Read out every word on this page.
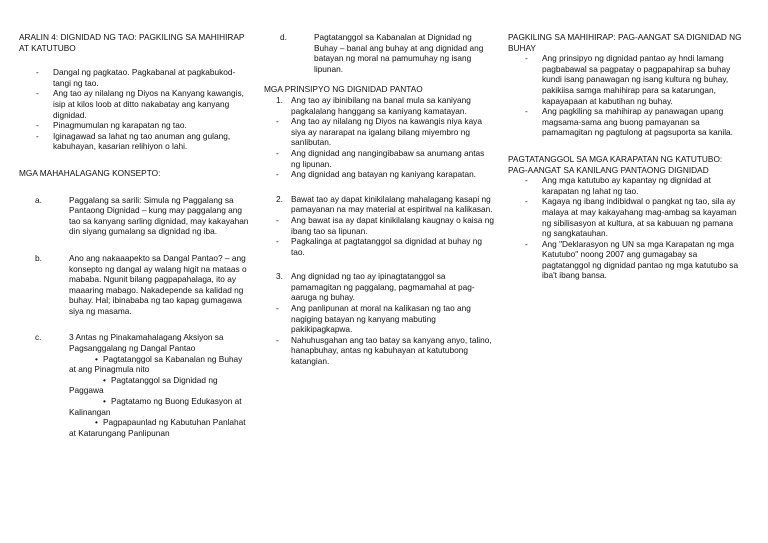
ARALIN 4: DIGNIDAD NG TAO: PAGKILING SA MAHIHIRAP AT KATUTUBO
- Dangal ng pagkatao. Pagkabanal at pagkabukod-tangi ng tao.
- Ang tao ay nilalang ng Diyos na Kanyang kawangis, isip at kilos loob at ditto nakabatay ang kanyang dignidad.
- Pinagmumulan ng karapatan ng tao.
- Iginagawad sa lahat ng tao anuman ang gulang, kabuhayan, kasarian relihiyon o lahi.
MGA MAHAHALAGANG KONSEPTO:
a.	Paggalang sa sarili: Simula ng Paggalang sa Pantaong Dignidad – kung may paggalang ang tao sa kanyang sarling dignidad, may kakayahan din siyang gumalang sa dignidad ng iba.
b.	Ano ang nakaaapekto sa Dangal Pantao? – ang konsepto ng dangal ay walang higit na mataas o mababa. Ngunit bilang pagpapahalaga, ito ay maaaring mabago. Nakadepende sa kalidad ng buhay. Hal; ibinababa ng tao kapag gumagawa siya ng masama.
c.	3 Antas ng Pinakamahalagang Aksiyon sa Pagsanggalang ng Dangal Pantao
• Pagtatanggol sa Kabanalan ng Buhay at ang Pinagmula nito
• Pagtatanggol sa Dignidad ng Paggawa
• Pagtatamo ng Buong Edukasyon at Kalinangan
• Pagpapaunlad ng Kabutuhan Panlahat at Katarungang Panlipunan
d.	Pagtatanggol sa Kabanalan at Dignidad ng Buhay – banal ang buhay at ang dignidad ang batayan ng moral na pamumuhay ng isang lipunan.
MGA PRINSIPYO NG DIGNIDAD PANTAO
1. Ang tao ay ibinibilang na banal mula sa kaniyang pagkalalang hanggang sa kaniyang kamatayan.
- Ang tao ay nilalang ng Diyos na kawangis niya kaya siya ay nararapat na igalang bilang miyembro ng sanlibutan.
- Ang dignidad ang nangingibabaw sa anumang antas ng lipunan.
- Ang dignidad ang batayan ng kaniyang karapatan.
2. Bawat tao ay dapat kinikilalang mahalagang kasapi ng pamayanan na may material at espiritwal na kalikasan.
- Ang bawat isa ay dapat kinikilalang kaugnay o kaisa ng ibang tao sa lipunan.
- Pagkalinga at pagtatanggol sa dignidad at buhay ng tao.
3. Ang dignidad ng tao ay ipinagtatanggol sa pamamagitan ng paggalang, pagmamahal at pag-aaruga ng buhay.
- Ang panlipunan at moral na kalikasan ng tao ang nagiging batayan ng kanyang mabuting pakikipagkapwa.
- Nahuhusgahan ang tao batay sa kanyang anyo, talino, hanapbuhay, antas ng kabuhayan at katutubong katangian.
PAGKILING SA MAHIHIRAP: PAG-AANGAT SA DIGNIDAD NG BUHAY
- Ang prinsipyo ng dignidad pantao ay hndi lamang pagbabawal sa pagpatay o pagpapahirap sa buhay kundi isang panawagan ng isang kultura ng buhay, pakikiisa samga mahihirap para sa katarungan, kapayapaan at kabutihan ng buhay.
- Ang pagkiling sa mahihirap ay panawagan upang magsama-sama ang buong pamayanan sa pamamagitan ng pagtulong at pagsuporta sa kanila.
PAGTATANGGOL SA MGA KARAPATAN NG KATUTUBO: PAG-AANGAT SA KANILANG PANTAONG DIGNIDAD
- Ang mga katutubo ay kapantay ng dignidad at karapatan ng lahat ng tao.
- Kagaya ng ibang indibidwal o pangkat ng tao, sila ay malaya at may kakayahang mag-ambag sa kayaman ng sibilisasyon at kultura, at sa kabuuan ng pamana ng sangkatauhan.
- Ang "Deklarasyon ng UN sa mga Karapatan ng mga Katutubo" noong 2007 ang gumagabay sa pagtatanggol ng dignidad pantao ng mga katutubo sa iba't ibang bansa.
